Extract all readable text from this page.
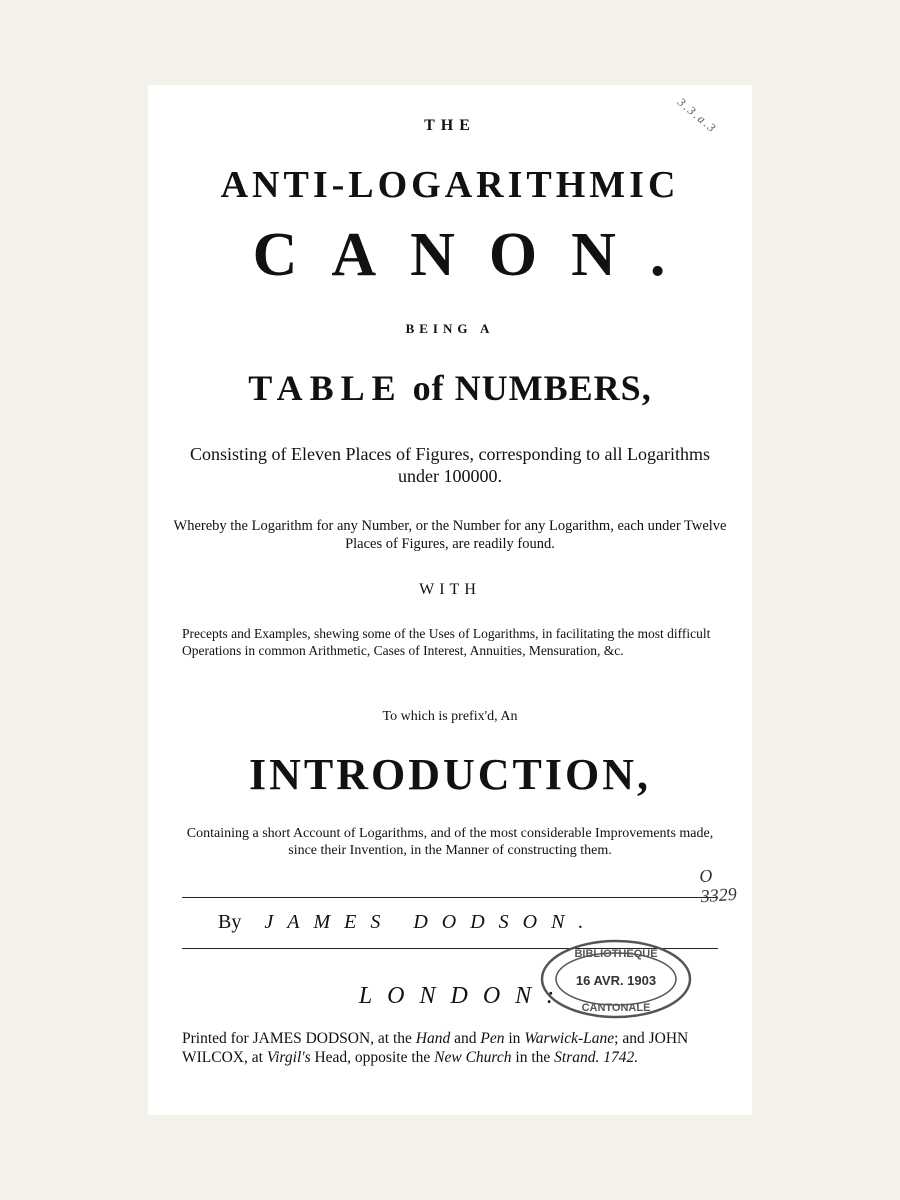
3.3.a.3
THE
ANTI-LOGARITHMIC
CANON.
BEING A
TABLE of NUMBERS,
Consisting of Eleven Places of Figures, corresponding to all Logarithms under 100000.
Whereby the Logarithm for any Number, or the Number for any Logarithm, each under Twelve Places of Figures, are readily found.
WITH
Precepts and Examples, shewing some of the Uses of Logarithms, in facilitating the most difficult Operations in common Arithmetic, Cases of Interest, Annuities, Mensuration, &c.
To which is prefix'd, An
INTRODUCTION,
Containing a short Account of Logarithms, and of the most considerable Improvements made, since their Invention, in the Manner of constructing them.
By JAMES DODSON.
O
3329
BIBLIOTHEQUE
16 AVR. 1903
CANTONALE
LONDON:
Printed for JAMES DODSON, at the Hand and Pen in Warwick-Lane; and JOHN WILCOX, at Virgil's Head, opposite the New Church in the Strand. 1742.
